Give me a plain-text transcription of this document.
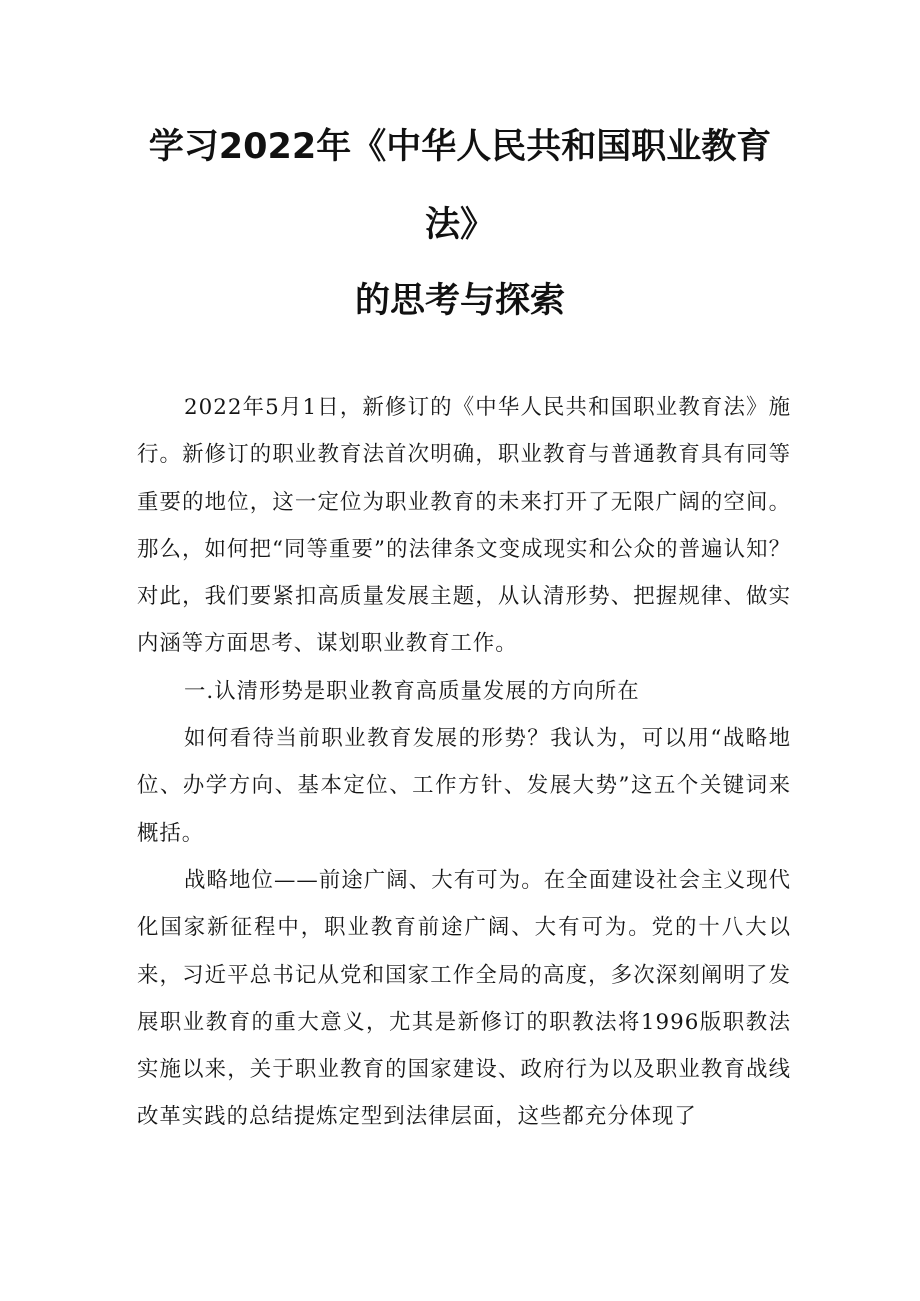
学习2022年《中华人民共和国职业教育
法》
的思考与探索

2022年5月1日，新修订的《中华人民共和国职业教育法》施行。新修订的职业教育法首次明确，职业教育与普通教育具有同等重要的地位，这一定位为职业教育的未来打开了无限广阔的空间。那么，如何把“同等重要”的法律条文变成现实和公众的普遍认知？对此，我们要紧扣高质量发展主题，从认清形势、把握规律、做实内涵等方面思考、谋划职业教育工作。

一.认清形势是职业教育高质量发展的方向所在

如何看待当前职业教育发展的形势？我认为，可以用“战略地位、办学方向、基本定位、工作方针、发展大势”这五个关键词来概括。

战略地位——前途广阔、大有可为。在全面建设社会主义现代化国家新征程中，职业教育前途广阔、大有可为。党的十八大以来，习近平总书记从党和国家工作全局的高度，多次深刻阐明了发展职业教育的重大意义，尤其是新修订的职教法将1996版职教法实施以来，关于职业教育的国家建设、政府行为以及职业教育战线改革实践的总结提炼定型到法律层面，这些都充分体现了
